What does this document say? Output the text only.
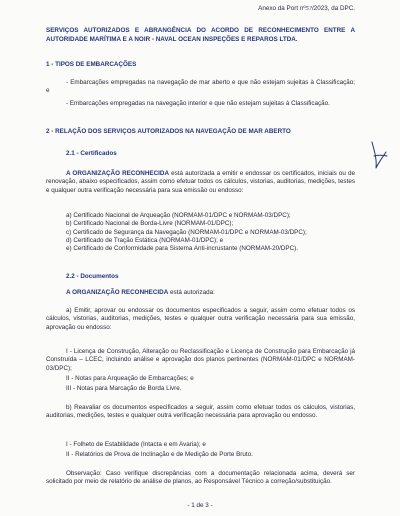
Anexo da Port nº5?/2023, da DPC.

SERVIÇOS AUTORIZADOS E ABRANGÊNCIA DO ACORDO DE RECONHECIMENTO ENTRE A AUTORIDADE MARÍTIMA E A NOIR - NAVAL OCEAN INSPEÇÕES E REPAROS LTDA.

1 - TIPOS DE EMBARCAÇÕES

- Embarcações empregadas na navegação de mar aberto e que não estejam sujeitas à Classificação; e

- Embarcações empregadas na navegação interior e que não estejam sujeitas à Classificação.

2 - RELAÇÃO DOS SERVIÇOS AUTORIZADOS NA NAVEGAÇÃO DE MAR ABERTO
2.1 - Certificados

A ORGANIZAÇÃO RECONHECIDA está autorizada a emitir e endossar os certificados, iniciais ou de renovação, abaixo especificados, assim como efetuar todos os cálculos, vistorias, auditorias, medições, testes e qualquer outra verificação necessária para sua emissão ou endosso:

a) Certificado Nacional de Arqueação (NORMAM-01/DPC e NORMAM-03/DPC);
b) Certificado Nacional de Borda-Livre (NORMAM-01/DPC);
c) Certificado de Segurança da Navegação (NORMAM-01/DPC e NORMAM-03/DPC);
d) Certificado de Tração Estática (NORMAM-01/DPC); e
e) Certificado de Conformidade para Sistema Anti-incrustante (NORMAM-20/DPC).
2.2 - Documentos

A ORGANIZAÇÃO RECONHECIDA está autorizada:

a) Emitir, aprovar ou endossar os documentos especificados a seguir, assim como efetuar todos os cálculos, vistorias, auditorias, medições, testes e qualquer outra verificação necessária para sua emissão, aprovação ou endosso:

I - Licença de Construção, Alteração ou Reclassificação e Licença de Construção para Embarcação já Construída – LCEC, incluindo análise e aprovação dos planos pertinentes (NORMAM-01/DPC e NORMAM-03/DPC);

II - Notas para Arqueação de Embarcações; e

III - Notas para Marcação de Borda Livre.

b) Reavaliar os documentos especificados a seguir, assim como efetuar todos os cálculos, vistorias, auditorias, medições, testes e qualquer outra verificação necessária para aprovação ou endosso.

I - Folheto de Estabilidade (Intacta e em Avaria); e

II - Relatórios de Prova de Inclinação e de Medição de Porte Bruto.

Observação: Caso verifique discrepâncias com a documentação relacionada acima, deverá ser solicitado por meio de relatório de análise de planos, ao Responsável Técnico a correção/substituição.

- 1 de 3 -
